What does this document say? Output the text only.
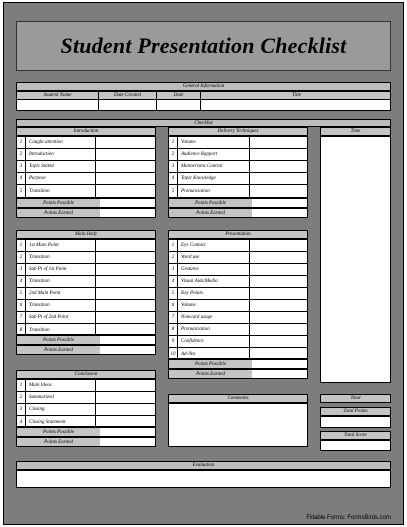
Student Presentation Checklist
General Information
Student Name	Date Created	Date	Title
Checklist
Introduction
1	Caught attention
2	Introduction
3	Topic Stated
4	Purpose
5	Transition
Points Possible
Points Earned
Delivery Techniques
1	Volume
2	Audience Rapport
3	Mannerisms Control
4	Topic Knowledge
5	Pronunciation
Points Possible
Points Earned
Time
Main Body
1	1st Main Point
2	Transition
3	Sub Pt of 1st Point
4	Transition
5	2nd Main Point
6	Transition
7	Sub Pt of 2nd Point
8	Transition
Points Possible
Points Earned
Presentation
1	Eye Contact
2	Word use
3	Gestures
4	Visual Aids/Media
5	Key Points
6	Volume
7	Notecard usage
8	Pronunciation
9	Confidence
10	Ad-libs
Points Possible
Points Earned
Conclusion
1	Main Ideas
2	Summarized
3	Closing
4	Closing Statement
Points Possible
Points Earned
Comments	Total
Total Points
Total Score
Evaluation
Fillable Forms: FormsBirds.com
